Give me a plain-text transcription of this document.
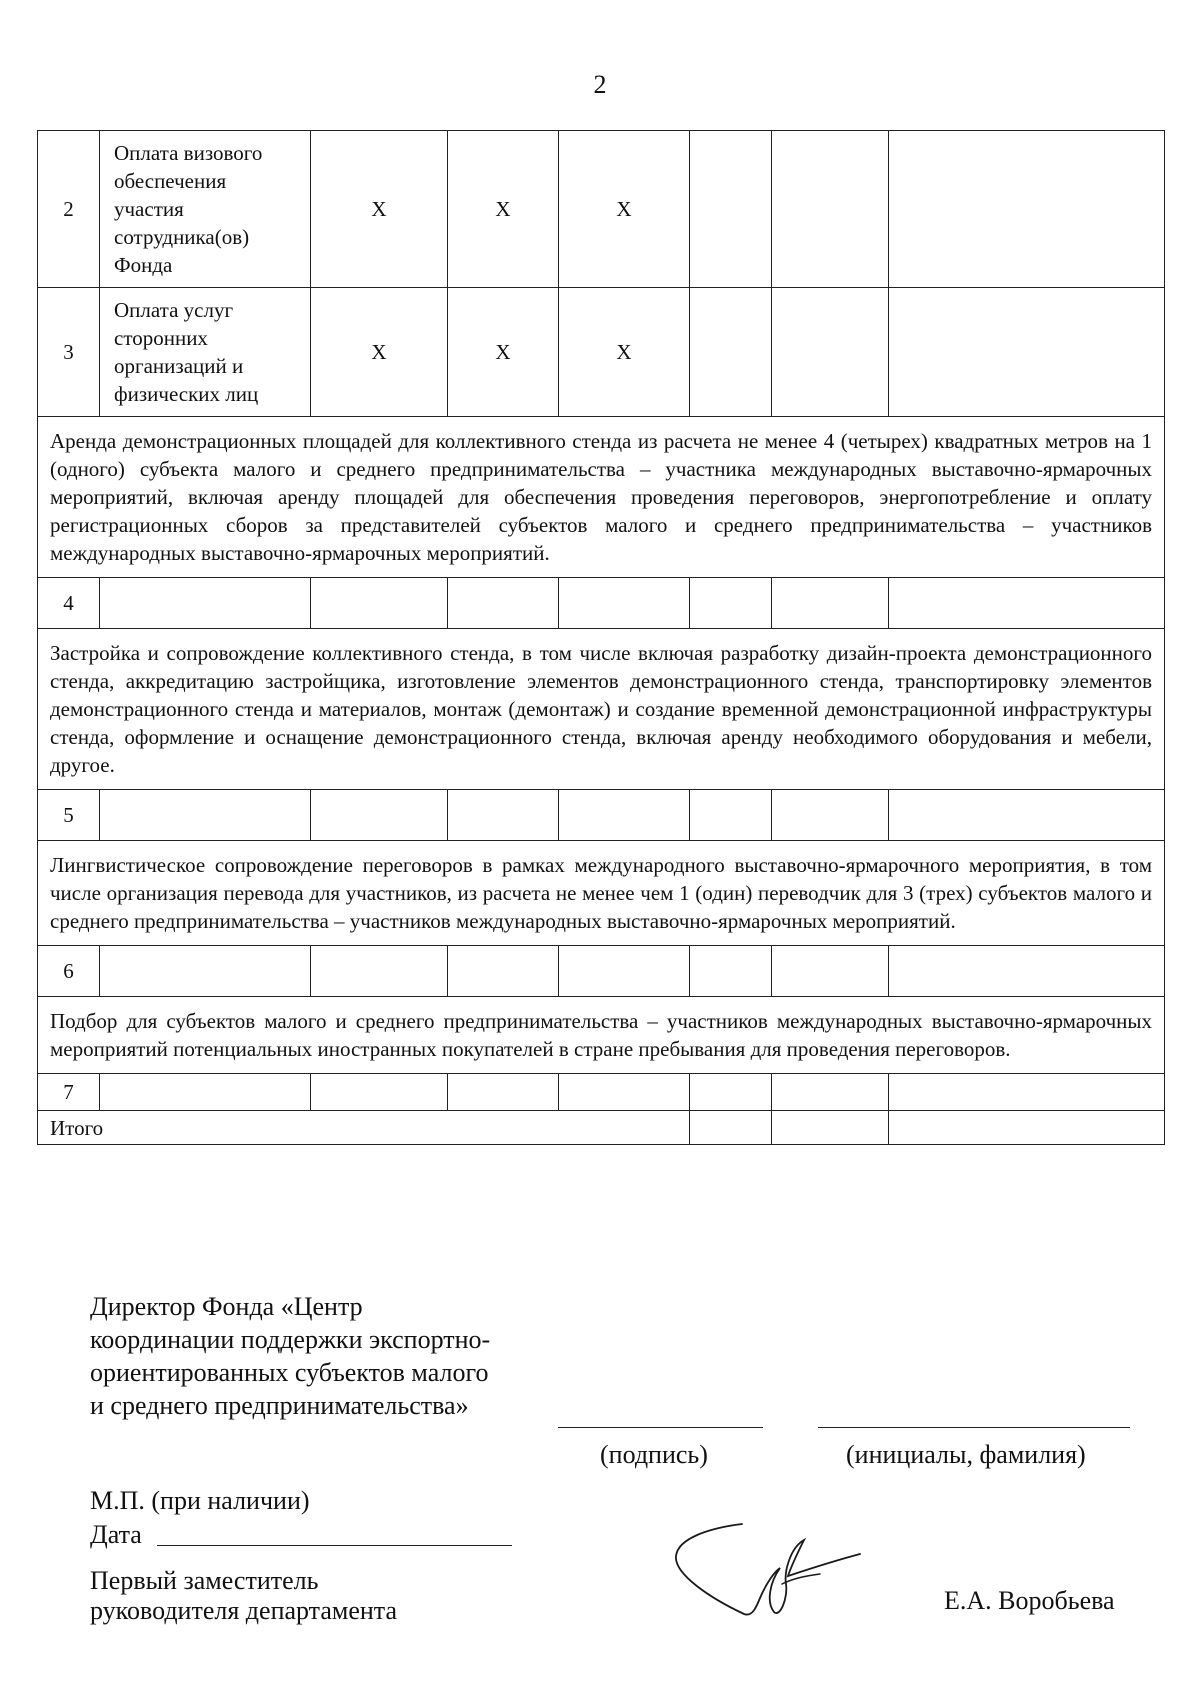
2
2	Оплата визового обеспечения участия сотрудника(ов) Фонда	X	X	X			
3	Оплата услуг сторонних организаций и физических лиц	X	X	X			
Аренда демонстрационных площадей для коллективного стенда из расчета не менее 4 (четырех) квадратных метров на 1 (одного) субъекта малого и среднего предпринимательства – участника международных выставочно-ярмарочных мероприятий, включая аренду площадей для обеспечения проведения переговоров, энергопотребление и оплату регистрационных сборов за представителей субъектов малого и среднего предпринимательства – участников международных выставочно-ярмарочных мероприятий.							
4							
Застройка и сопровождение коллективного стенда, в том числе включая разработку дизайн-проекта демонстрационного стенда, аккредитацию застройщика, изготовление элементов демонстрационного стенда, транспортировку элементов демонстрационного стенда и материалов, монтаж (демонтаж) и создание временной демонстрационной инфраструктуры стенда, оформление и оснащение демонстрационного стенда, включая аренду необходимого оборудования и мебели, другое.							
5							
Лингвистическое сопровождение переговоров в рамках международного выставочно-ярмарочного мероприятия, в том числе организация перевода для участников, из расчета не менее чем 1 (один) переводчик для 3 (трех) субъектов малого и среднего предпринимательства – участников международных выставочно-ярмарочных мероприятий.							
6							
Подбор для субъектов малого и среднего предпринимательства – участников международных выставочно-ярмарочных мероприятий потенциальных иностранных покупателей в стране пребывания для проведения переговоров.							
7							
Итого							
Директор Фонда «Центр
координации поддержки экспортно-
ориентированных субъектов малого
и среднего предпринимательства»
(подпись)	(инициалы, фамилия)
М.П. (при наличии)
Дата
Первый заместитель
руководителя департамента	Е.А. Воробьева
